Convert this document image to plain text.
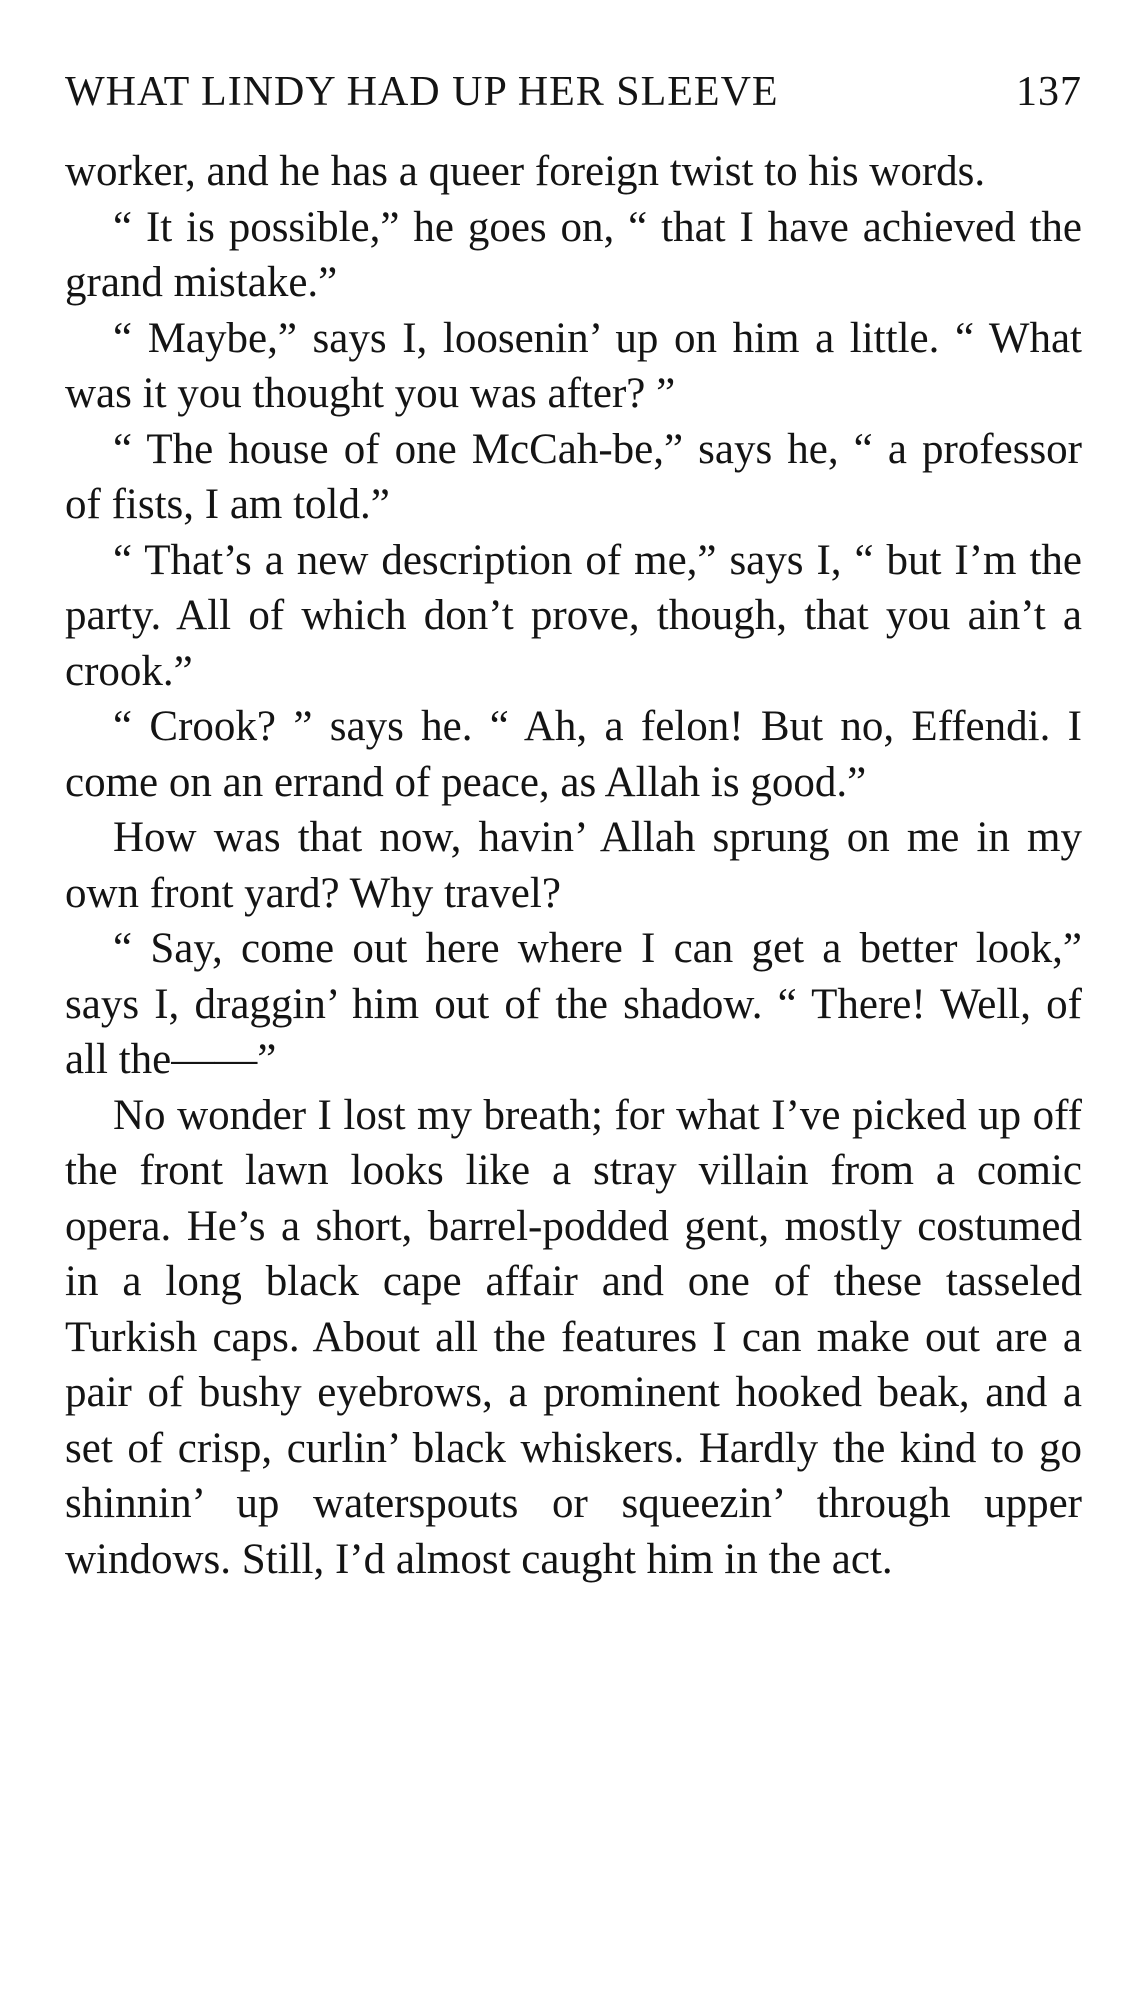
WHAT LINDY HAD UP HER SLEEVE	137

worker, and he has a queer foreign twist to his words.

“ It is possible,” he goes on, “ that I have achieved the grand mistake.”

“ Maybe,” says I, loosenin’ up on him a little. “ What was it you thought you was after? ”

“ The house of one McCah-be,” says he, “ a professor of fists, I am told.”

“ That’s a new description of me,” says I, “ but I’m the party. All of which don’t prove, though, that you ain’t a crook.”

“ Crook? ” says he. “ Ah, a felon! But no, Effendi. I come on an errand of peace, as Allah is good.”

How was that now, havin’ Allah sprung on me in my own front yard? Why travel?

“ Say, come out here where I can get a better look,” says I, draggin’ him out of the shadow. “ There! Well, of all the——”

No wonder I lost my breath; for what I’ve picked up off the front lawn looks like a stray villain from a comic opera. He’s a short, barrel-podded gent, mostly costumed in a long black cape affair and one of these tasseled Turkish caps. About all the features I can make out are a pair of bushy eyebrows, a prominent hooked beak, and a set of crisp, curlin’ black whiskers. Hardly the kind to go shinnin’ up waterspouts or squeezin’ through upper windows. Still, I’d almost caught him in the act.
